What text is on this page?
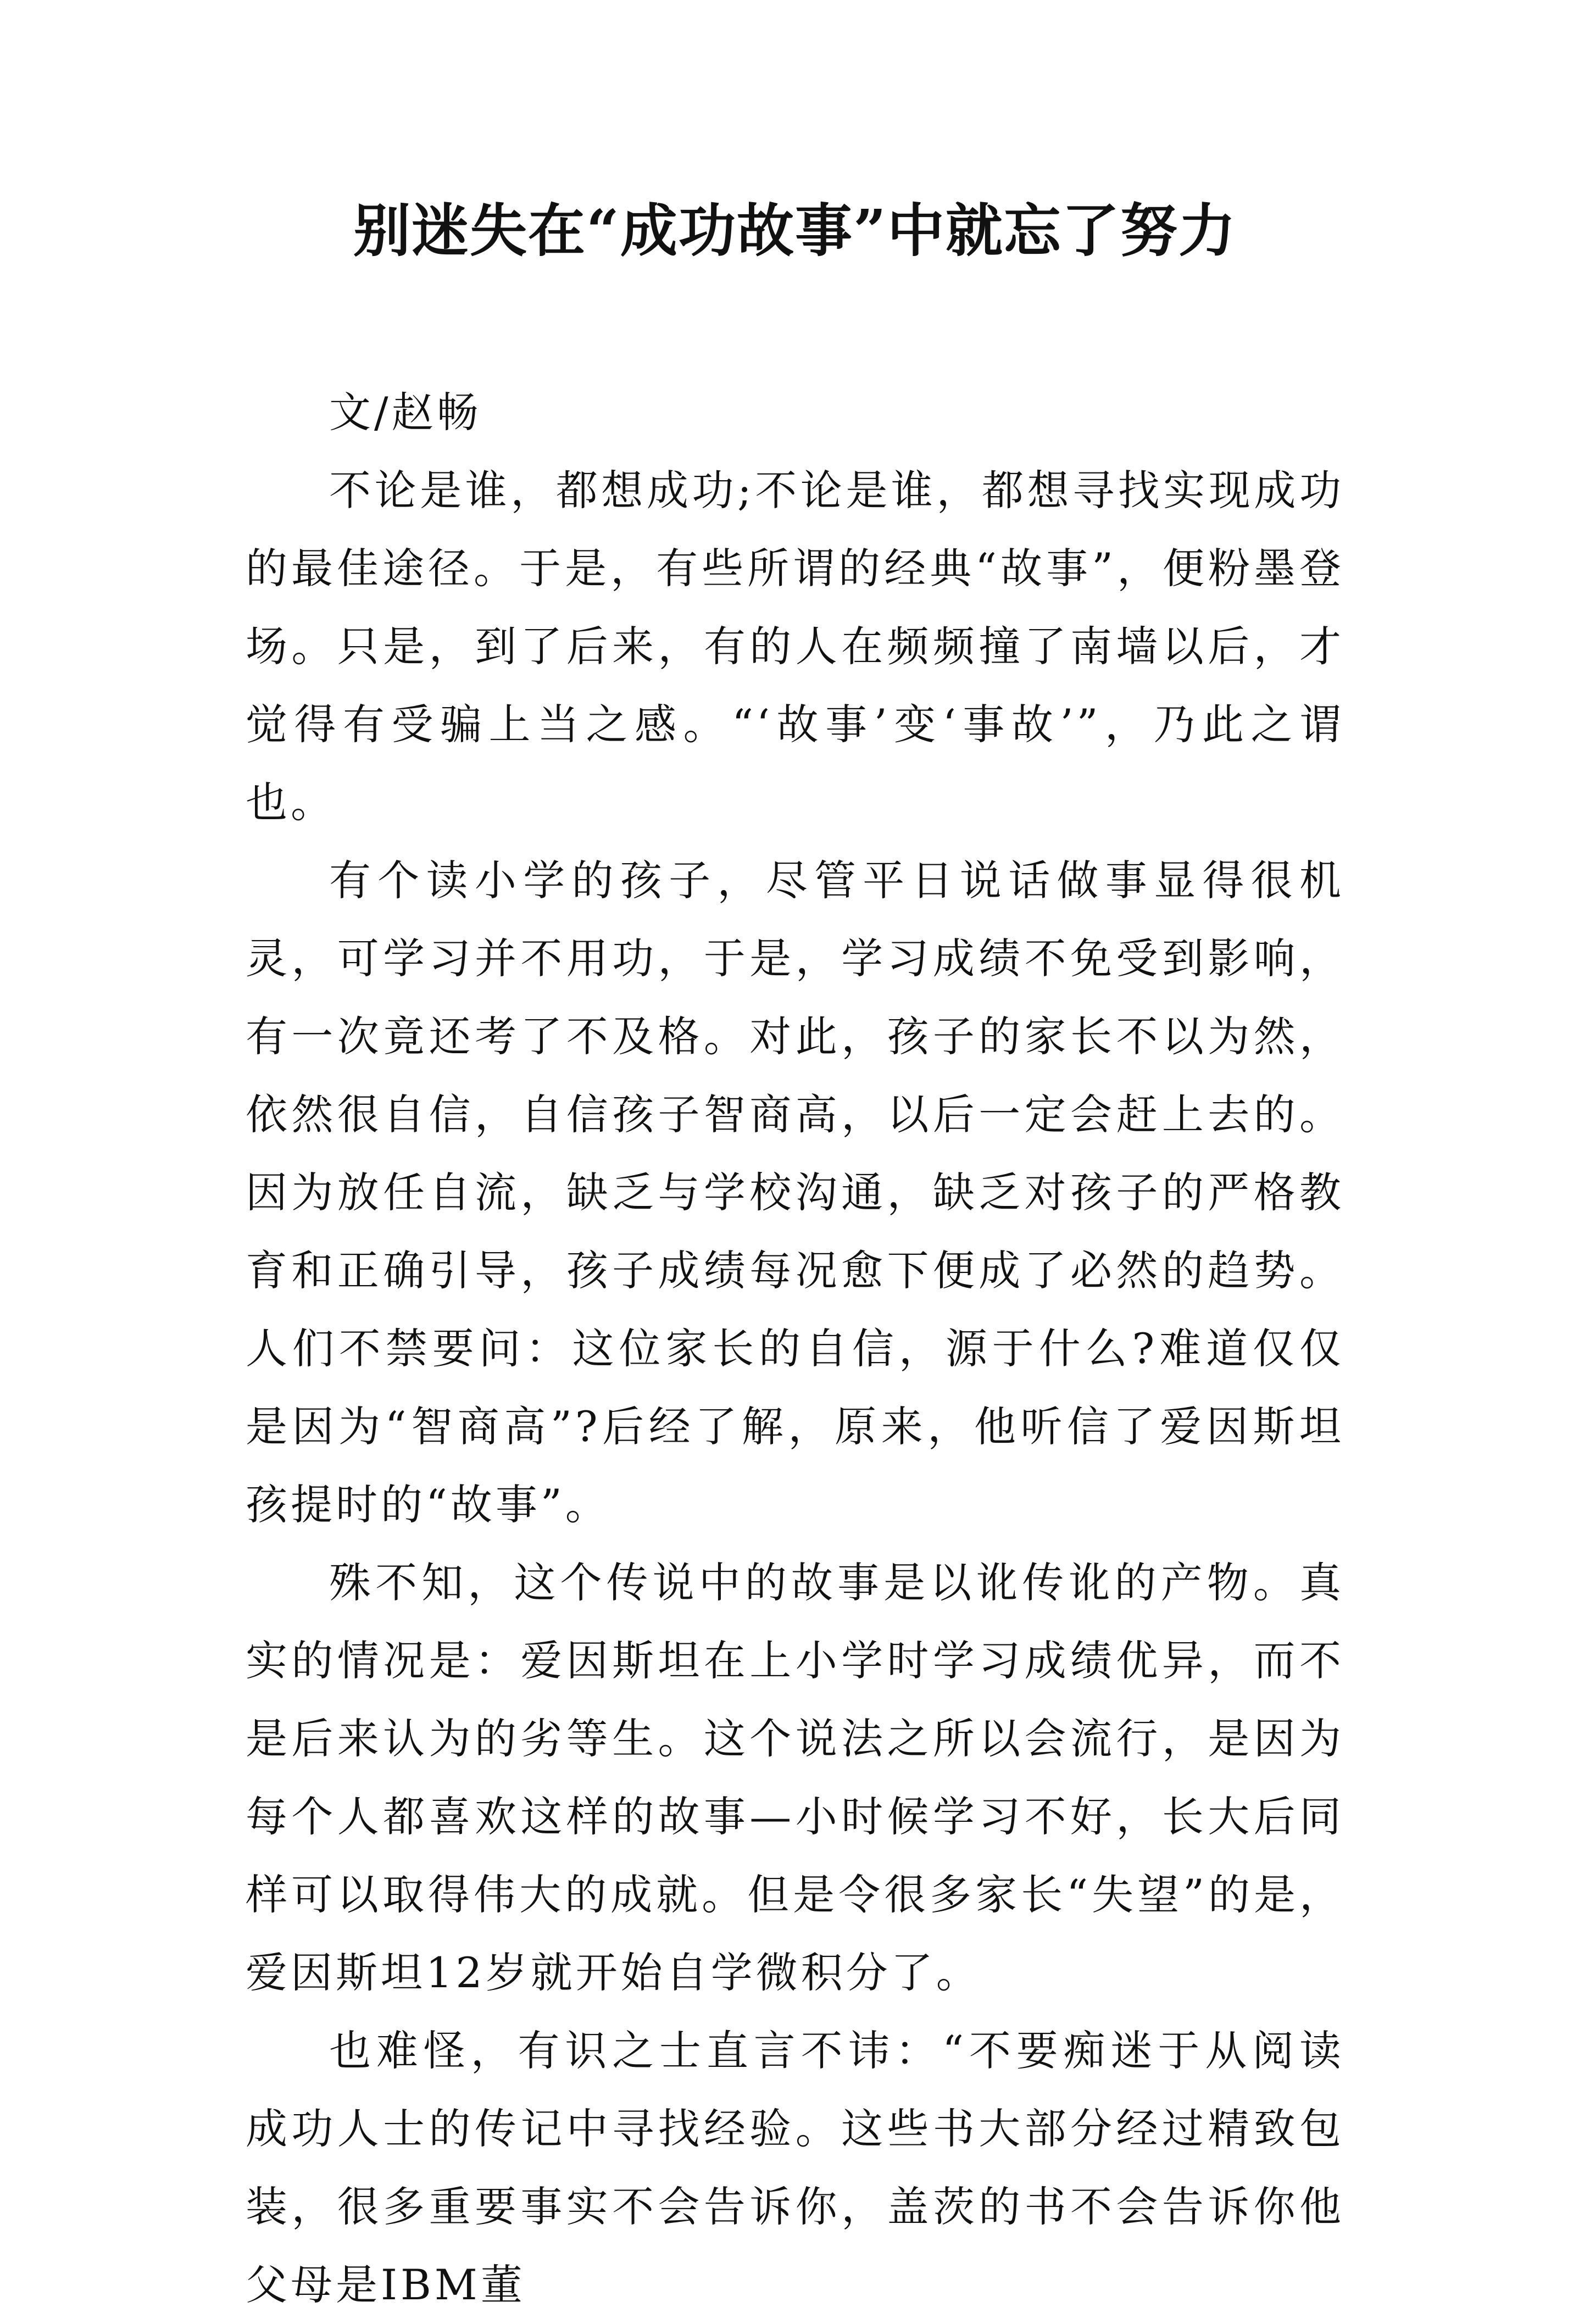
别迷失在“成功故事”中就忘了努力

文/赵畅

不论是谁，都想成功;不论是谁，都想寻找实现成功的最佳途径。于是，有些所谓的经典“故事”，便粉墨登场。只是，到了后来，有的人在频频撞了南墙以后，才觉得有受骗上当之感。“‘故事’变‘事故’”，乃此之谓也。

有个读小学的孩子，尽管平日说话做事显得很机灵，可学习并不用功，于是，学习成绩不免受到影响，有一次竟还考了不及格。对此，孩子的家长不以为然，依然很自信，自信孩子智商高，以后一定会赶上去的。因为放任自流，缺乏与学校沟通，缺乏对孩子的严格教育和正确引导，孩子成绩每况愈下便成了必然的趋势。人们不禁要问：这位家长的自信，源于什么?难道仅仅是因为“智商高”?后经了解，原来，他听信了爱因斯坦孩提时的“故事”。

殊不知，这个传说中的故事是以讹传讹的产物。真实的情况是：爱因斯坦在上小学时学习成绩优异，而不是后来认为的劣等生。这个说法之所以会流行，是因为每个人都喜欢这样的故事—小时候学习不好，长大后同样可以取得伟大的成就。但是令很多家长“失望”的是，爱因斯坦12岁就开始自学微积分了。

也难怪，有识之士直言不讳：“不要痴迷于从阅读成功人士的传记中寻找经验。这些书大部分经过精致包装，很多重要事实不会告诉你，盖茨的书不会告诉你他父母是IBM董
